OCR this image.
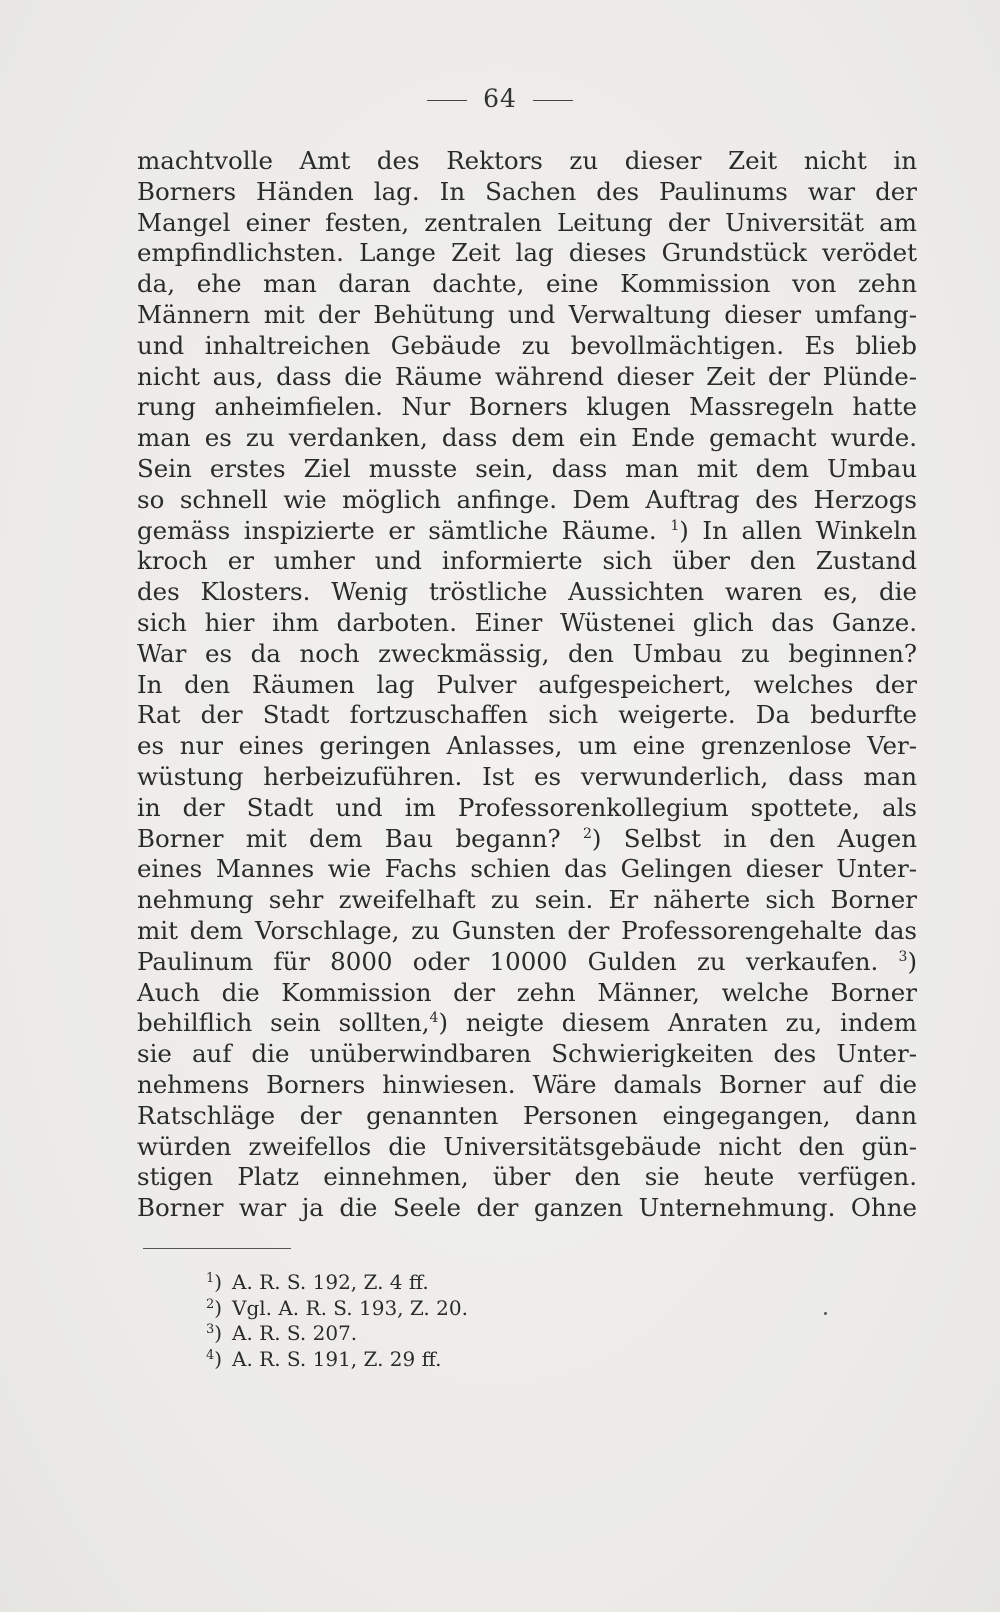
64
machtvolle Amt des Rektors zu dieser Zeit nicht in
Borners Händen lag. In Sachen des Paulinums war der
Mangel einer festen, zentralen Leitung der Universität am
empfindlichsten. Lange Zeit lag dieses Grundstück verödet
da, ehe man daran dachte, eine Kommission von zehn
Männern mit der Behütung und Verwaltung dieser umfang-
und inhaltreichen Gebäude zu bevollmächtigen. Es blieb
nicht aus, dass die Räume während dieser Zeit der Plünde-
rung anheimfielen. Nur Borners klugen Massregeln hatte
man es zu verdanken, dass dem ein Ende gemacht wurde.
Sein erstes Ziel musste sein, dass man mit dem Umbau
so schnell wie möglich anfinge. Dem Auftrag des Herzogs
gemäss inspizierte er sämtliche Räume. $^1$) In allen Winkeln
kroch er umher und informierte sich über den Zustand
des Klosters. Wenig tröstliche Aussichten waren es, die
sich hier ihm darboten. Einer Wüstenei glich das Ganze.
War es da noch zweckmässig, den Umbau zu beginnen?
In den Räumen lag Pulver aufgespeichert, welches der
Rat der Stadt fortzuschaffen sich weigerte. Da bedurfte
es nur eines geringen Anlasses, um eine grenzenlose Ver-
wüstung herbeizuführen. Ist es verwunderlich, dass man
in der Stadt und im Professorenkollegium spottete, als
Borner mit dem Bau begann? $^2$) Selbst in den Augen
eines Mannes wie Fachs schien das Gelingen dieser Unter-
nehmung sehr zweifelhaft zu sein. Er näherte sich Borner
mit dem Vorschlage, zu Gunsten der Professorengehalte das
Paulinum für 8000 oder 10000 Gulden zu verkaufen. $^3$)
Auch die Kommission der zehn Männer, welche Borner
behilflich sein sollten,$^4$) neigte diesem Anraten zu, indem
sie auf die unüberwindbaren Schwierigkeiten des Unter-
nehmens Borners hinwiesen. Wäre damals Borner auf die
Ratschläge der genannten Personen eingegangen, dann
würden zweifellos die Universitätsgebäude nicht den gün-
stigen Platz einnehmen, über den sie heute verfügen.
Borner war ja die Seele der ganzen Unternehmung. Ohne
$^1$) A. R. S. 192, Z. 4 ff.
$^2$) Vgl. A. R. S. 193, Z. 20.
$^3$) A. R. S. 207.
$^4$) A. R. S. 191, Z. 29 ff.
